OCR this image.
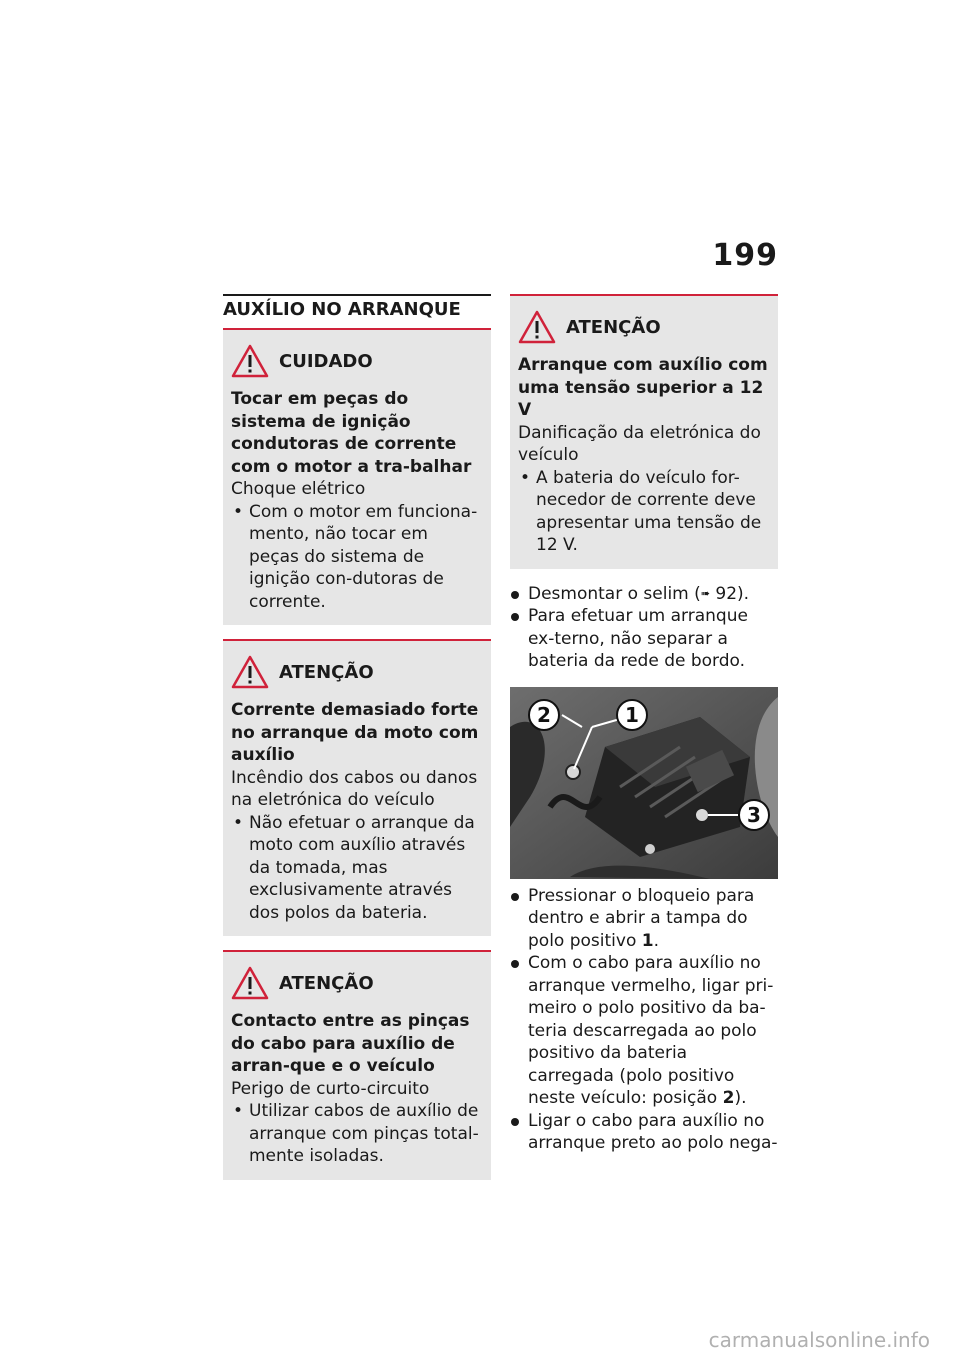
199
AUXÍLIO NO ARRANQUE
CUIDADO
Tocar em peças do sistema de ignição condutoras de corrente com o motor a tra-balhar
Choque elétrico
• Com o motor em funciona-mento, não tocar em peças do sistema de ignição con-dutoras de corrente.
ATENÇÃO
Corrente demasiado forte no arranque da moto com auxílio
Incêndio dos cabos ou danos na eletrónica do veículo
• Não efetuar o arranque da moto com auxílio através da tomada, mas exclusivamente através dos polos da bateria.
ATENÇÃO
Contacto entre as pinças do cabo para auxílio de arran-que e o veículo
Perigo de curto-circuito
• Utilizar cabos de auxílio de arranque com pinças total-mente isoladas.
ATENÇÃO
Arranque com auxílio com uma tensão superior a 12 V
Danificação da eletrónica do veículo
• A bateria do veículo for-necedor de corrente deve apresentar uma tensão de 12 V.
Desmontar o selim (➠ 92).
Para efetuar um arranque ex-terno, não separar a bateria da rede de bordo.
2	1
3
Pressionar o bloqueio para dentro e abrir a tampa do polo positivo 1.
Com o cabo para auxílio no arranque vermelho, ligar pri-meiro o polo positivo da ba-teria descarregada ao polo positivo da bateria carregada (polo positivo neste veículo: posição 2).
Ligar o cabo para auxílio no arranque preto ao polo nega-
carmanualsonline.info
